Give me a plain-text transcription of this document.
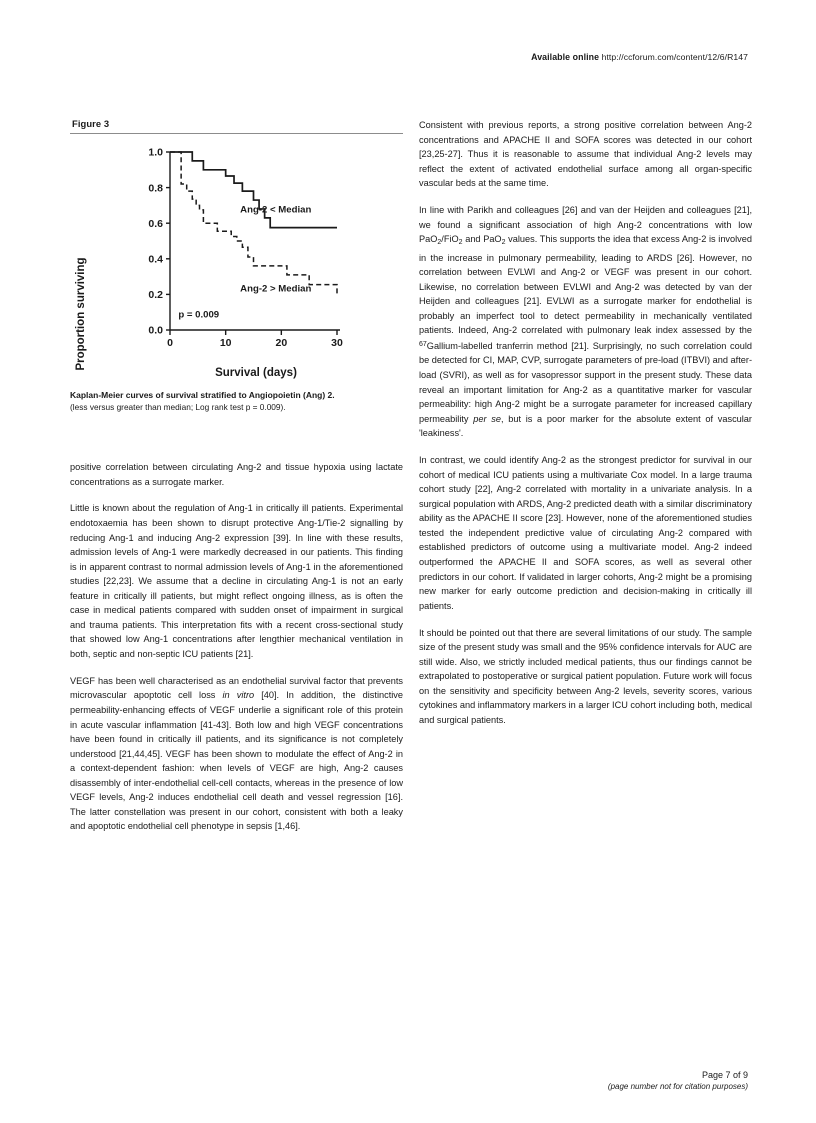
Available online http://ccforum.com/content/12/6/R147
Figure 3
0.0
0.2
0.4
0.6
0.8
1.0
0	10	20	30
Proportion surviving
Survival (days)
p = 0.009
Ang-2 < Median
Ang-2 > Median
Kaplan-Meier curves of survival stratified to Angiopoietin (Ang) 2.
(less versus greater than median; Log rank test p = 0.009).

positive correlation between circulating Ang-2 and tissue hypoxia using lactate concentrations as a surrogate marker.

Little is known about the regulation of Ang-1 in critically ill patients. Experimental endotoxaemia has been shown to disrupt protective Ang-1/Tie-2 signalling by reducing Ang-1 and inducing Ang-2 expression [39]. In line with these results, admission levels of Ang-1 were markedly decreased in our patients. This finding is in apparent contrast to normal admission levels of Ang-1 in the aforementioned studies [22,23]. We assume that a decline in circulating Ang-1 is not an early feature in critically ill patients, but might reflect ongoing illness, as is often the case in medical patients compared with sudden onset of impairment in surgical and trauma patients. This interpretation fits with a recent cross-sectional study that showed low Ang-1 concentrations after lengthier mechanical ventilation in both, septic and non-septic ICU patients [21].

VEGF has been well characterised as an endothelial survival factor that prevents microvascular apoptotic cell loss in vitro [40]. In addition, the distinctive permeability-enhancing effects of VEGF underlie a significant role of this protein in acute vascular inflammation [41-43]. Both low and high VEGF concentrations have been found in critically ill patients, and its significance is not completely understood [21,44,45]. VEGF has been shown to modulate the effect of Ang-2 in a context-dependent fashion: when levels of VEGF are high, Ang-2 causes disassembly of inter-endothelial cell-cell contacts, whereas in the presence of low VEGF levels, Ang-2 induces endothelial cell death and vessel regression [16]. The latter constellation was present in our cohort, consistent with both a leaky and apoptotic endothelial cell phenotype in sepsis [1,46].

Consistent with previous reports, a strong positive correlation between Ang-2 concentrations and APACHE II and SOFA scores was detected in our cohort [23,25-27]. Thus it is reasonable to assume that individual Ang-2 levels may reflect the extent of activated endothelial surface among all organ-specific vascular beds at the same time.

In line with Parikh and colleagues [26] and van der Heijden and colleagues [21], we found a significant association of high Ang-2 concentrations with low PaO$_2$/FiO$_2$ and PaO$_2$ values. This supports the idea that excess Ang-2 is involved in the increase in pulmonary permeability, leading to ARDS [26]. However, no correlation between EVLWI and Ang-2 or VEGF was present in our cohort. Likewise, no correlation between EVLWI and Ang-2 was detected by van der Heijden and colleagues [21]. EVLWI as a surrogate marker for endothelial is probably an imperfect tool to detect permeability in mechanically ventilated patients. Indeed, Ang-2 correlated with pulmonary leak index assessed by the $^{67}$Gallium-labelled tranferrin method [21]. Surprisingly, no such correlation could be detected for CI, MAP, CVP, surrogate parameters of pre-load (ITBVI) and after-load (SVRI), as well as for vasopressor support in the present study. These data reveal an important limitation for Ang-2 as a quantitative marker for vascular permeability: high Ang-2 might be a surrogate parameter for increased capillary permeability per se, but is a poor marker for the absolute extent of vascular 'leakiness'.

In contrast, we could identify Ang-2 as the strongest predictor for survival in our cohort of medical ICU patients using a multivariate Cox model. In a large trauma cohort study [22], Ang-2 correlated with mortality in a univariate analysis. In a surgical population with ARDS, Ang-2 predicted death with a similar discriminatory ability as the APACHE II score [23]. However, none of the aforementioned studies tested the independent predictive value of circulating Ang-2 compared with established predictors of outcome using a multivariate model. Ang-2 indeed outperformed the APACHE II and SOFA scores, as well as several other predictors in our cohort. If validated in larger cohorts, Ang-2 might be a promising new marker for early outcome prediction and decision-making in critically ill patients.

It should be pointed out that there are several limitations of our study. The sample size of the present study was small and the 95% confidence intervals for AUC are still wide. Also, we strictly included medical patients, thus our findings cannot be extrapolated to postoperative or surgical patient population. Future work will focus on the sensitivity and specificity between Ang-2 levels, severity scores, various cytokines and inflammatory markers in a larger ICU cohort including both, medical and surgical patients.

Page 7 of 9
(page number not for citation purposes)
